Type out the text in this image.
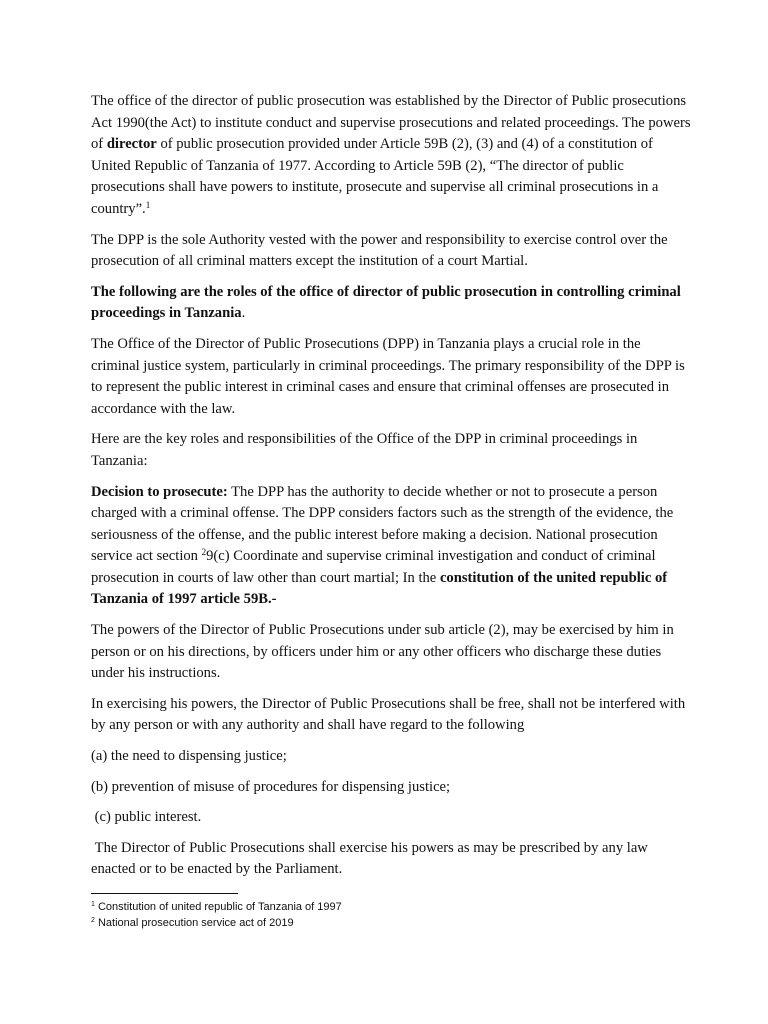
The office of the director of public prosecution was established by the Director of Public prosecutions Act 1990(the Act) to institute conduct and supervise prosecutions and related proceedings. The powers of director of public prosecution provided under Article 59B (2), (3) and (4) of a constitution of United Republic of Tanzania of 1977. According to Article 59B (2), “The director of public prosecutions shall have powers to institute, prosecute and supervise all criminal prosecutions in a country”.$^1$

The DPP is the sole Authority vested with the power and responsibility to exercise control over the prosecution of all criminal matters except the institution of a court Martial.

The following are the roles of the office of director of public prosecution in controlling criminal proceedings in Tanzania.

The Office of the Director of Public Prosecutions (DPP) in Tanzania plays a crucial role in the criminal justice system, particularly in criminal proceedings. The primary responsibility of the DPP is to represent the public interest in criminal cases and ensure that criminal offenses are prosecuted in accordance with the law.

Here are the key roles and responsibilities of the Office of the DPP in criminal proceedings in Tanzania:

Decision to prosecute: The DPP has the authority to decide whether or not to prosecute a person charged with a criminal offense. The DPP considers factors such as the strength of the evidence, the seriousness of the offense, and the public interest before making a decision. National prosecution service act section $^2$9(c) Coordinate and supervise criminal investigation and conduct of criminal prosecution in courts of law other than court martial; In the constitution of the united republic of Tanzania of 1997 article 59B.-

The powers of the Director of Public Prosecutions under sub article (2), may be exercised by him in person or on his directions, by officers under him or any other officers who discharge these duties under his instructions.

In exercising his powers, the Director of Public Prosecutions shall be free, shall not be interfered with by any person or with any authority and shall have regard to the following

(a) the need to dispensing justice;

(b) prevention of misuse of procedures for dispensing justice;

(c) public interest.

The Director of Public Prosecutions shall exercise his powers as may be prescribed by any law enacted or to be enacted by the Parliament.

$^1$ Constitution of united republic of Tanzania of 1997
$^2$ National prosecution service act of 2019
